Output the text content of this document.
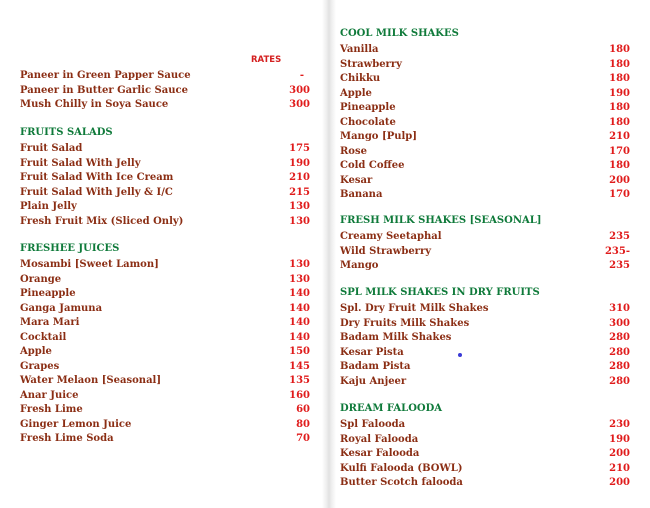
RATES
Paneer in Green Papper Sauce	-
Paneer in Butter Garlic Sauce	300
Mush Chilly in Soya Sauce	300
FRUITS SALADS
Fruit Salad	175
Fruit Salad With Jelly	190
Fruit Salad With Ice Cream	210
Fruit Salad With Jelly & I/C	215
Plain Jelly	130
Fresh Fruit Mix (Sliced Only)	130
FRESHEE JUICES
Mosambi [Sweet Lamon]	130
Orange	130
Pineapple	140
Ganga Jamuna	140
Mara Mari	140
Cocktail	140
Apple	150
Grapes	145
Water Melaon [Seasonal]	135
Anar Juice	160
Fresh Lime	60
Ginger Lemon Juice	80
Fresh Lime Soda	70
COOL MILK SHAKES
Vanilla	180
Strawberry	180
Chikku	180
Apple	190
Pineapple	180
Chocolate	180
Mango [Pulp]	210
Rose	170
Cold Coffee	180
Kesar	200
Banana	170
FRESH MILK SHAKES [SEASONAL]
Creamy Seetaphal	235
Wild Strawberry	235-
Mango	235
SPL MILK SHAKES IN DRY FRUITS
Spl. Dry Fruit Milk Shakes	310
Dry Fruits Milk Shakes	300
Badam Milk Shakes	280
Kesar Pista	280
Badam Pista	280
Kaju Anjeer	280
DREAM FALOODA
Spl Falooda	230
Royal Falooda	190
Kesar Falooda	200
Kulfi Falooda (BOWL)	210
Butter Scotch falooda	200
